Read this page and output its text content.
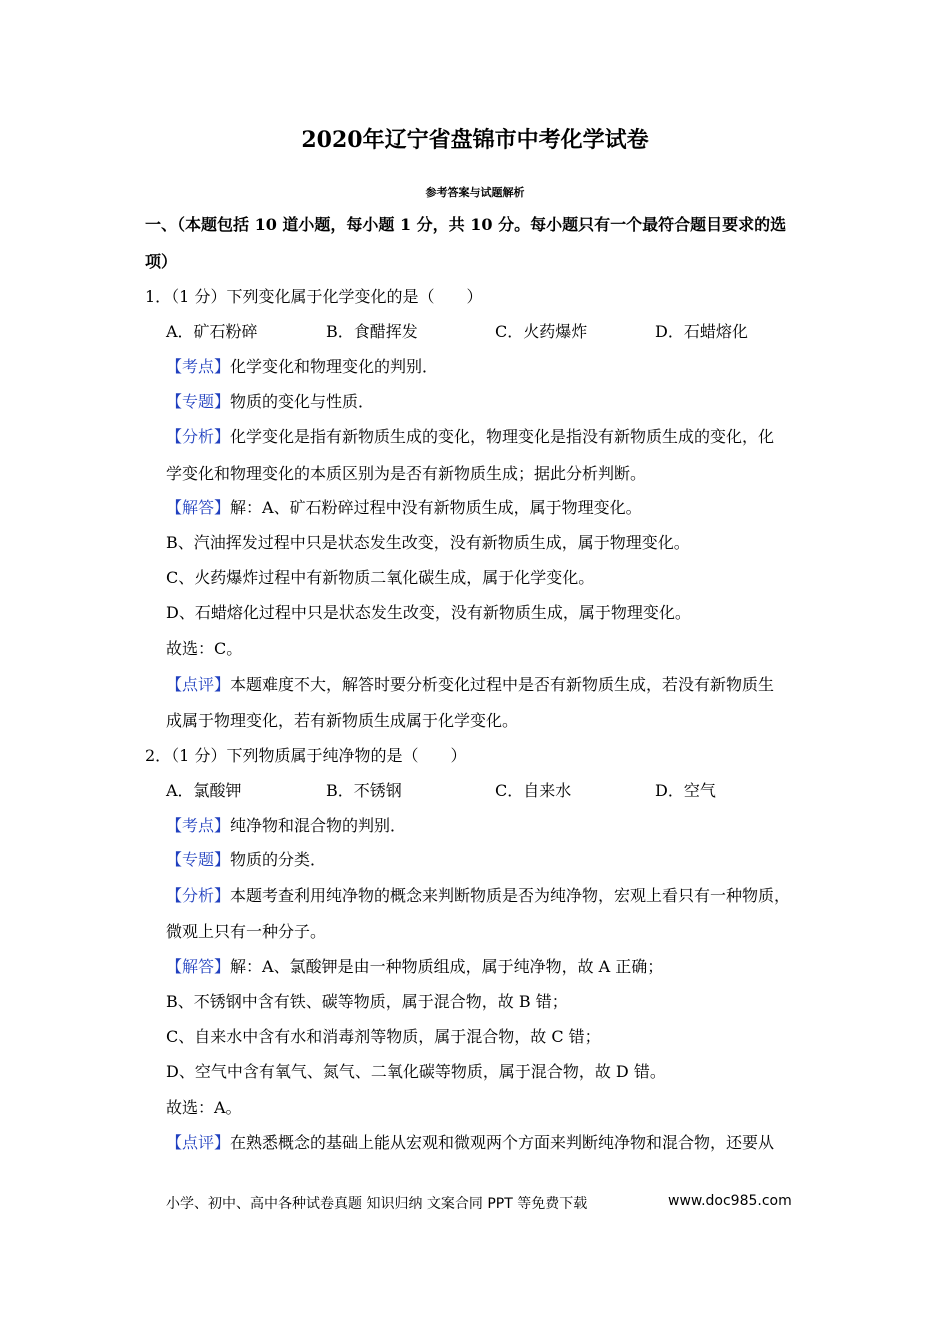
2020年辽宁省盘锦市中考化学试卷
参考答案与试题解析
一、（本题包括 10 道小题，每小题 1 分，共 10 分。每小题只有一个最符合题目要求的选
项）
1．（1 分）下列变化属于化学变化的是（　　）
A．矿石粉碎	B．食醋挥发	C．火药爆炸	D．石蜡熔化
【考点】化学变化和物理变化的判别．
【专题】物质的变化与性质．
【分析】化学变化是指有新物质生成的变化，物理变化是指没有新物质生成的变化，化
学变化和物理变化的本质区别为是否有新物质生成；据此分析判断。
【解答】解：A、矿石粉碎过程中没有新物质生成，属于物理变化。
B、汽油挥发过程中只是状态发生改变，没有新物质生成，属于物理变化。
C、火药爆炸过程中有新物质二氧化碳生成，属于化学变化。
D、石蜡熔化过程中只是状态发生改变，没有新物质生成，属于物理变化。
故选：C。
【点评】本题难度不大，解答时要分析变化过程中是否有新物质生成，若没有新物质生
成属于物理变化，若有新物质生成属于化学变化。
2．（1 分）下列物质属于纯净物的是（　　）
A．氯酸钾	B．不锈钢	C．自来水	D．空气
【考点】纯净物和混合物的判别．
【专题】物质的分类．
【分析】本题考查利用纯净物的概念来判断物质是否为纯净物，宏观上看只有一种物质，
微观上只有一种分子。
【解答】解：A、氯酸钾是由一种物质组成，属于纯净物，故 A 正确；
B、不锈钢中含有铁、碳等物质，属于混合物，故 B 错；
C、自来水中含有水和消毒剂等物质，属于混合物，故 C 错；
D、空气中含有氧气、氮气、二氧化碳等物质，属于混合物，故 D 错。
故选：A。
【点评】在熟悉概念的基础上能从宏观和微观两个方面来判断纯净物和混合物，还要从
小学、初中、高中各种试卷真题 知识归纳 文案合同 PPT 等免费下载	www.doc985.com
